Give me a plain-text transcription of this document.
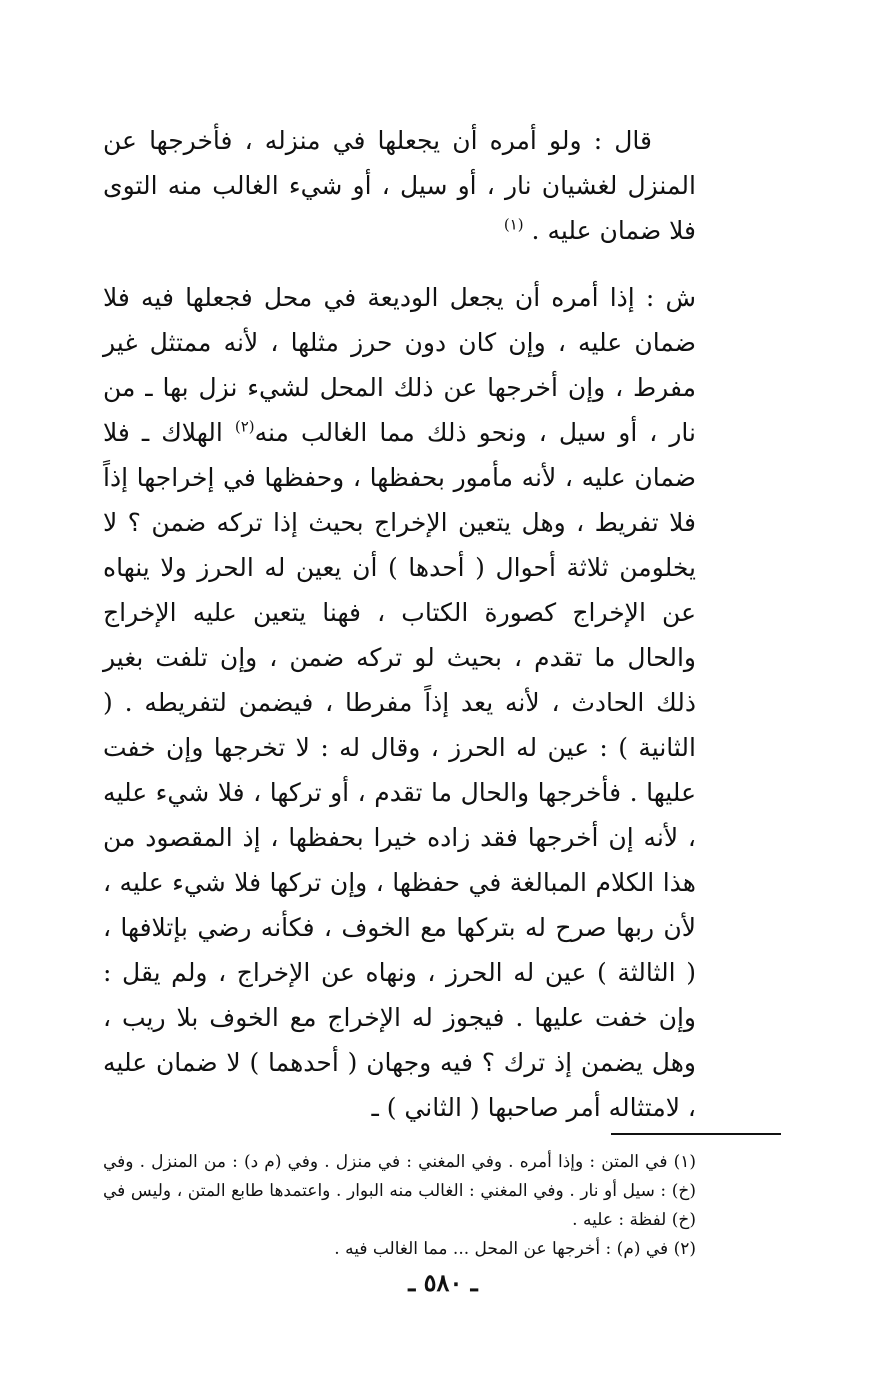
قال : ولو أمره أن يجعلها في منزله ، فأخرجها عن المنزل لغشيان نار ، أو سيل ، أو شيء الغالب منه التوى فلا ضمان عليه . $^{(١)}$

ش : إذا أمره أن يجعل الوديعة في محل فجعلها فيه فلا ضمان عليه ، وإن كان دون حرز مثلها ، لأنه ممتثل غير مفرط ، وإن أخرجها عن ذلك المحل لشيء نزل بها ـ من نار ، أو سيل ، ونحو ذلك مما الغالب منه$^{(٢)}$ الهلاك ـ فلا ضمان عليه ، لأنه مأمور بحفظها ، وحفظها في إخراجها إذاً فلا تفريط ، وهل يتعين الإخراج بحيث إذا تركه ضمن ؟ لا يخلومن ثلاثة أحوال ( أحدها ) أن يعين له الحرز ولا ينهاه عن الإخراج كصورة الكتاب ، فهنا يتعين عليه الإخراج والحال ما تقدم ، بحيث لو تركه ضمن ، وإن تلفت بغير ذلك الحادث ، لأنه يعد إذاً مفرطا ، فيضمن لتفريطه . ( الثانية ) : عين له الحرز ، وقال له : لا تخرجها وإن خفت عليها . فأخرجها والحال ما تقدم ، أو تركها ، فلا شيء عليه ، لأنه إن أخرجها فقد زاده خيرا بحفظها ، إذ المقصود من هذا الكلام المبالغة في حفظها ، وإن تركها فلا شيء عليه ، لأن ربها صرح له بتركها مع الخوف ، فكأنه رضي بإتلافها ، ( الثالثة ) عين له الحرز ، ونهاه عن الإخراج ، ولم يقل : وإن خفت عليها . فيجوز له الإخراج مع الخوف بلا ريب ، وهل يضمن إذ ترك ؟ فيه وجهان ( أحدهما ) لا ضمان عليه ، لامتثاله أمر صاحبها ( الثاني ) ـ

(١) في المتن : وإذا أمره . وفي المغني : في منزل . وفي (م د) : من المنزل . وفي (خ) : سيل أو نار . وفي المغني : الغالب منه البوار . واعتمدها طابع المتن ، وليس في (خ) لفظة : عليه .

(٢) في (م) : أخرجها عن المحل ... مما الغالب فيه .

ـ ٥٨٠ ـ
